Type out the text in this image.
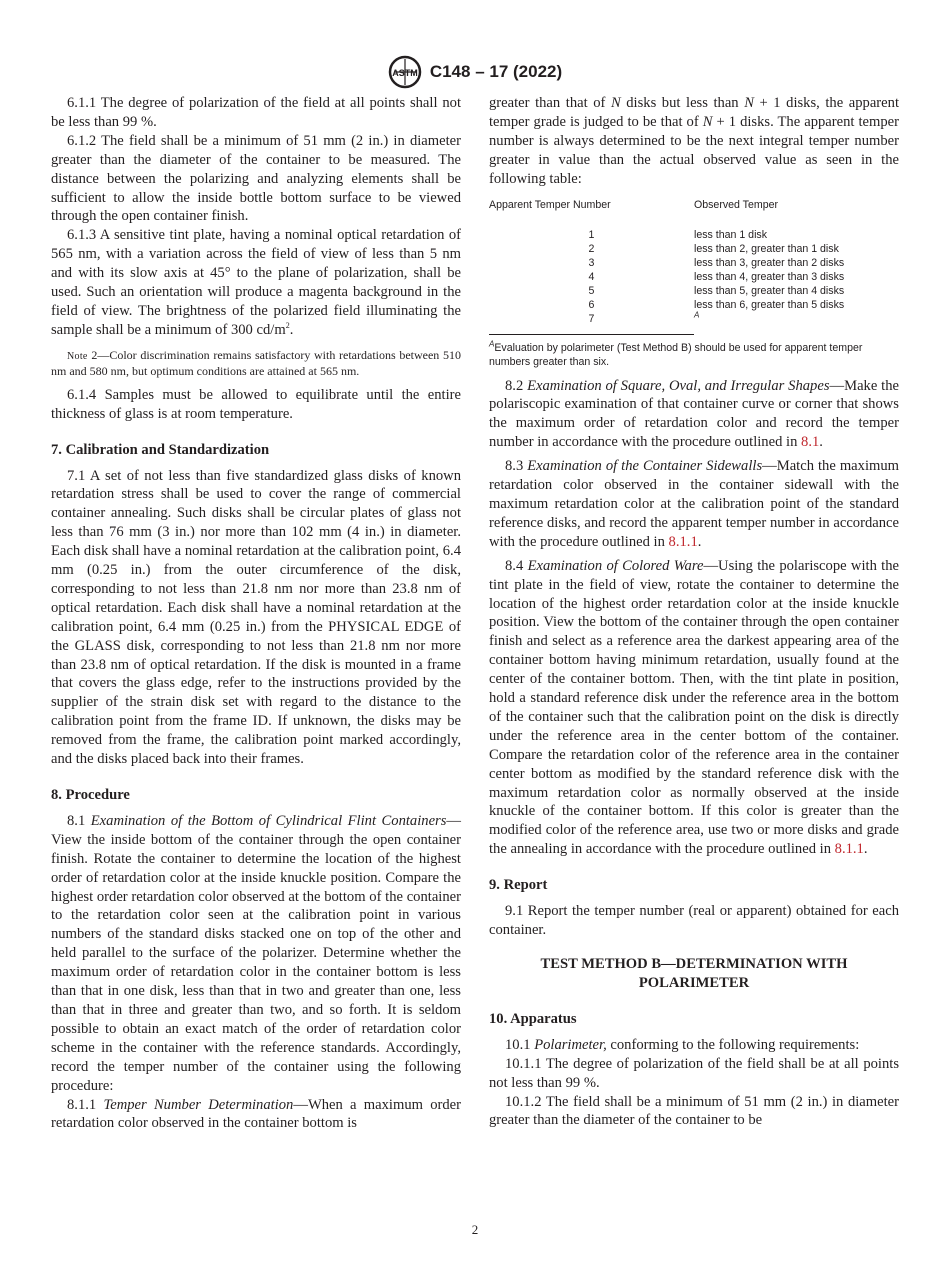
ASTM C148 – 17 (2022)

6.1.1 The degree of polarization of the field at all points shall not be less than 99 %.

6.1.2 The field shall be a minimum of 51 mm (2 in.) in diameter greater than the diameter of the container to be measured. The distance between the polarizing and analyzing elements shall be sufficient to allow the inside bottle bottom surface to be viewed through the open container finish.

6.1.3 A sensitive tint plate, having a nominal optical retardation of 565 nm, with a variation across the field of view of less than 5 nm and with its slow axis at 45° to the plane of polarization, shall be used. Such an orientation will produce a magenta background in the field of view. The brightness of the polarized field illuminating the sample shall be a minimum of 300 $cd/m^2$.

Note 2—Color discrimination remains satisfactory with retardations between 510 nm and 580 nm, but optimum conditions are attained at 565 nm.

6.1.4 Samples must be allowed to equilibrate until the entire thickness of glass is at room temperature.

7. Calibration and Standardization

7.1 A set of not less than five standardized glass disks of known retardation stress shall be used to cover the range of commercial container annealing. Such disks shall be circular plates of glass not less than 76 mm (3 in.) nor more than 102 mm (4 in.) in diameter. Each disk shall have a nominal retardation at the calibration point, 6.4 mm (0.25 in.) from the outer circumference of the disk, corresponding to not less than 21.8 nm nor more than 23.8 nm of optical retardation. Each disk shall have a nominal retardation at the calibration point, 6.4 mm (0.25 in.) from the PHYSICAL EDGE of the GLASS disk, corresponding to not less than 21.8 nm nor more than 23.8 nm of optical retardation. If the disk is mounted in a frame that covers the glass edge, refer to the instructions provided by the supplier of the strain disk set with regard to the distance to the calibration point from the frame ID. If unknown, the disks may be removed from the frame, the calibration point marked accordingly, and the disks placed back into their frames.

8. Procedure

8.1 Examination of the Bottom of Cylindrical Flint Containers—View the inside bottom of the container through the open container finish. Rotate the container to determine the location of the highest order of retardation color at the inside knuckle position. Compare the highest order retardation color observed at the bottom of the container to the retardation color seen at the calibration point in various numbers of the standard disks stacked one on top of the other and held parallel to the surface of the polarizer. Determine whether the maximum order of retardation color in the container bottom is less than that in one disk, less than that in two and greater than one, less than that in three and greater than two, and so forth. It is seldom possible to obtain an exact match of the order of retardation color scheme in the container with the reference standards. Accordingly, record the temper number of the container using the following procedure:

8.1.1 Temper Number Determination—When a maximum order retardation color observed in the container bottom is

greater than that of N disks but less than N + 1 disks, the apparent temper grade is judged to be that of N + 1 disks. The apparent temper number is always determined to be the next integral temper number greater in value than the actual observed value as seen in the following table:

Apparent Temper Number	Observed Temper
1	less than 1 disk
2	less than 2, greater than 1 disk
3	less than 3, greater than 2 disks
4	less than 4, greater than 3 disks
5	less than 5, greater than 4 disks
6	less than 6, greater than 5 disks
7	$^A$
$^A$Evaluation by polarimeter (Test Method B) should be used for apparent temper numbers greater than six.

8.2 Examination of Square, Oval, and Irregular Shapes—Make the polariscopic examination of that container curve or corner that shows the maximum order of retardation color and record the temper number in accordance with the procedure outlined in 8.1.

8.3 Examination of the Container Sidewalls—Match the maximum retardation color observed in the container sidewall with the maximum retardation color at the calibration point of the standard reference disks, and record the apparent temper number in accordance with the procedure outlined in 8.1.1.

8.4 Examination of Colored Ware—Using the polariscope with the tint plate in the field of view, rotate the container to determine the location of the highest order retardation color at the inside knuckle position. View the bottom of the container through the open container finish and select as a reference area the darkest appearing area of the container bottom having minimum retardation, usually found at the center of the container bottom. Then, with the tint plate in position, hold a standard reference disk under the reference area in the bottom of the container such that the calibration point on the disk is directly under the reference area in the center bottom of the container. Compare the retardation color of the reference area in the container center bottom as modified by the standard reference disk with the maximum retardation color as normally observed at the inside knuckle of the container bottom. If this color is greater than the modified color of the reference area, use two or more disks and grade the annealing in accordance with the procedure outlined in 8.1.1.

9. Report

9.1 Report the temper number (real or apparent) obtained for each container.

TEST METHOD B—DETERMINATION WITH
POLARIMETER
10. Apparatus

10.1 Polarimeter, conforming to the following requirements:

10.1.1 The degree of polarization of the field shall be at all points not less than 99 %.

10.1.2 The field shall be a minimum of 51 mm (2 in.) in diameter greater than the diameter of the container to be

2
